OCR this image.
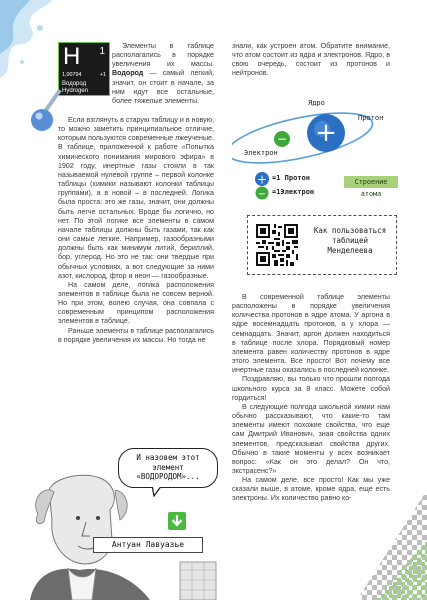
H 1
1,00794	+1
Водород
Hydrogen

Элементы в таблице располагались в порядке увеличения их массы. Водород — самый легкий, значит, он стоит в начале, за ним идут все остальные, более тяжелые элементы.

Если взглянуть в старую таблицу и в новую, то можно заметить принципиальное отличие, которым пользуются современные лжеученые. В таблице, приложенной к работе «Попытка химического понимания мирового эфира» в 1902 году, инертные газы стояли в так называемой нулевой группе – первой колонке таблицы (химики называют колонки таблицы группами), а в новой – в последней. Логика была проста: это же газы, значит, они должны быть легче остальных. Вроде бы логично, но нет. По этой логике все элементы в самом начале таблицы должны быть газами, так как они самые легкие. Например, газообразными должны быть как минимум литий, бериллий, бор, углерод. Но это не так: они твердые при обычных условиях, а вот следующие за ними азот, кислород, фтор и неон — газообразные.

На самом деле, логика расположения элементов в таблице была не совсем верной. Но при этом, волею случая, она совпала с современным принципом расположения элементов в таблице.

Раньше элементы в таблице располагались в порядке увеличения их массы. Но тогда не

знали, как устроен атом. Обратите внимание, что атом состоит из ядра и электронов. Ядро, в свою очередь, состоит из протонов и нейтронов.

+
−
+
−
Ядро
Протон
Электрон
Строение атома
=1 Протон
=1Электрон
Как пользоваться таблицей Менделеева

В современной таблице элементы расположены в порядке увеличения количества протонов в ядре атома. У аргона в ядре восемнадцать протонов, а у хлора — семнадцать. Значит, аргон должен находиться в таблице после хлора. Порядковый номер элемента равен количеству протонов в ядре этого элемента. Все просто! Вот почему все инертные газы оказались в последней колонке.

Поздравляю, вы только что прошли полгода школьного курса за 8 класс. Можете собой гордиться!

В следующие полгода школьной химии нам обычно рассказывают, что какие-то там элементы имеют похожие свойства, что еще сам Дмитрий Иванович, зная свойства одних элементов, предсказывал свойства других. Обычно в такие моменты у всех возникает вопрос: «Как он это делал? Он что, экстрасенс?»

На самом деле, все просто! Как мы уже сказали выше, в атоме, кроме ядра, еще есть электроны. Их количество равно ко-

И назовем этот элемент «ВОДОРОДОМ»...
Антуан Лавуазье
